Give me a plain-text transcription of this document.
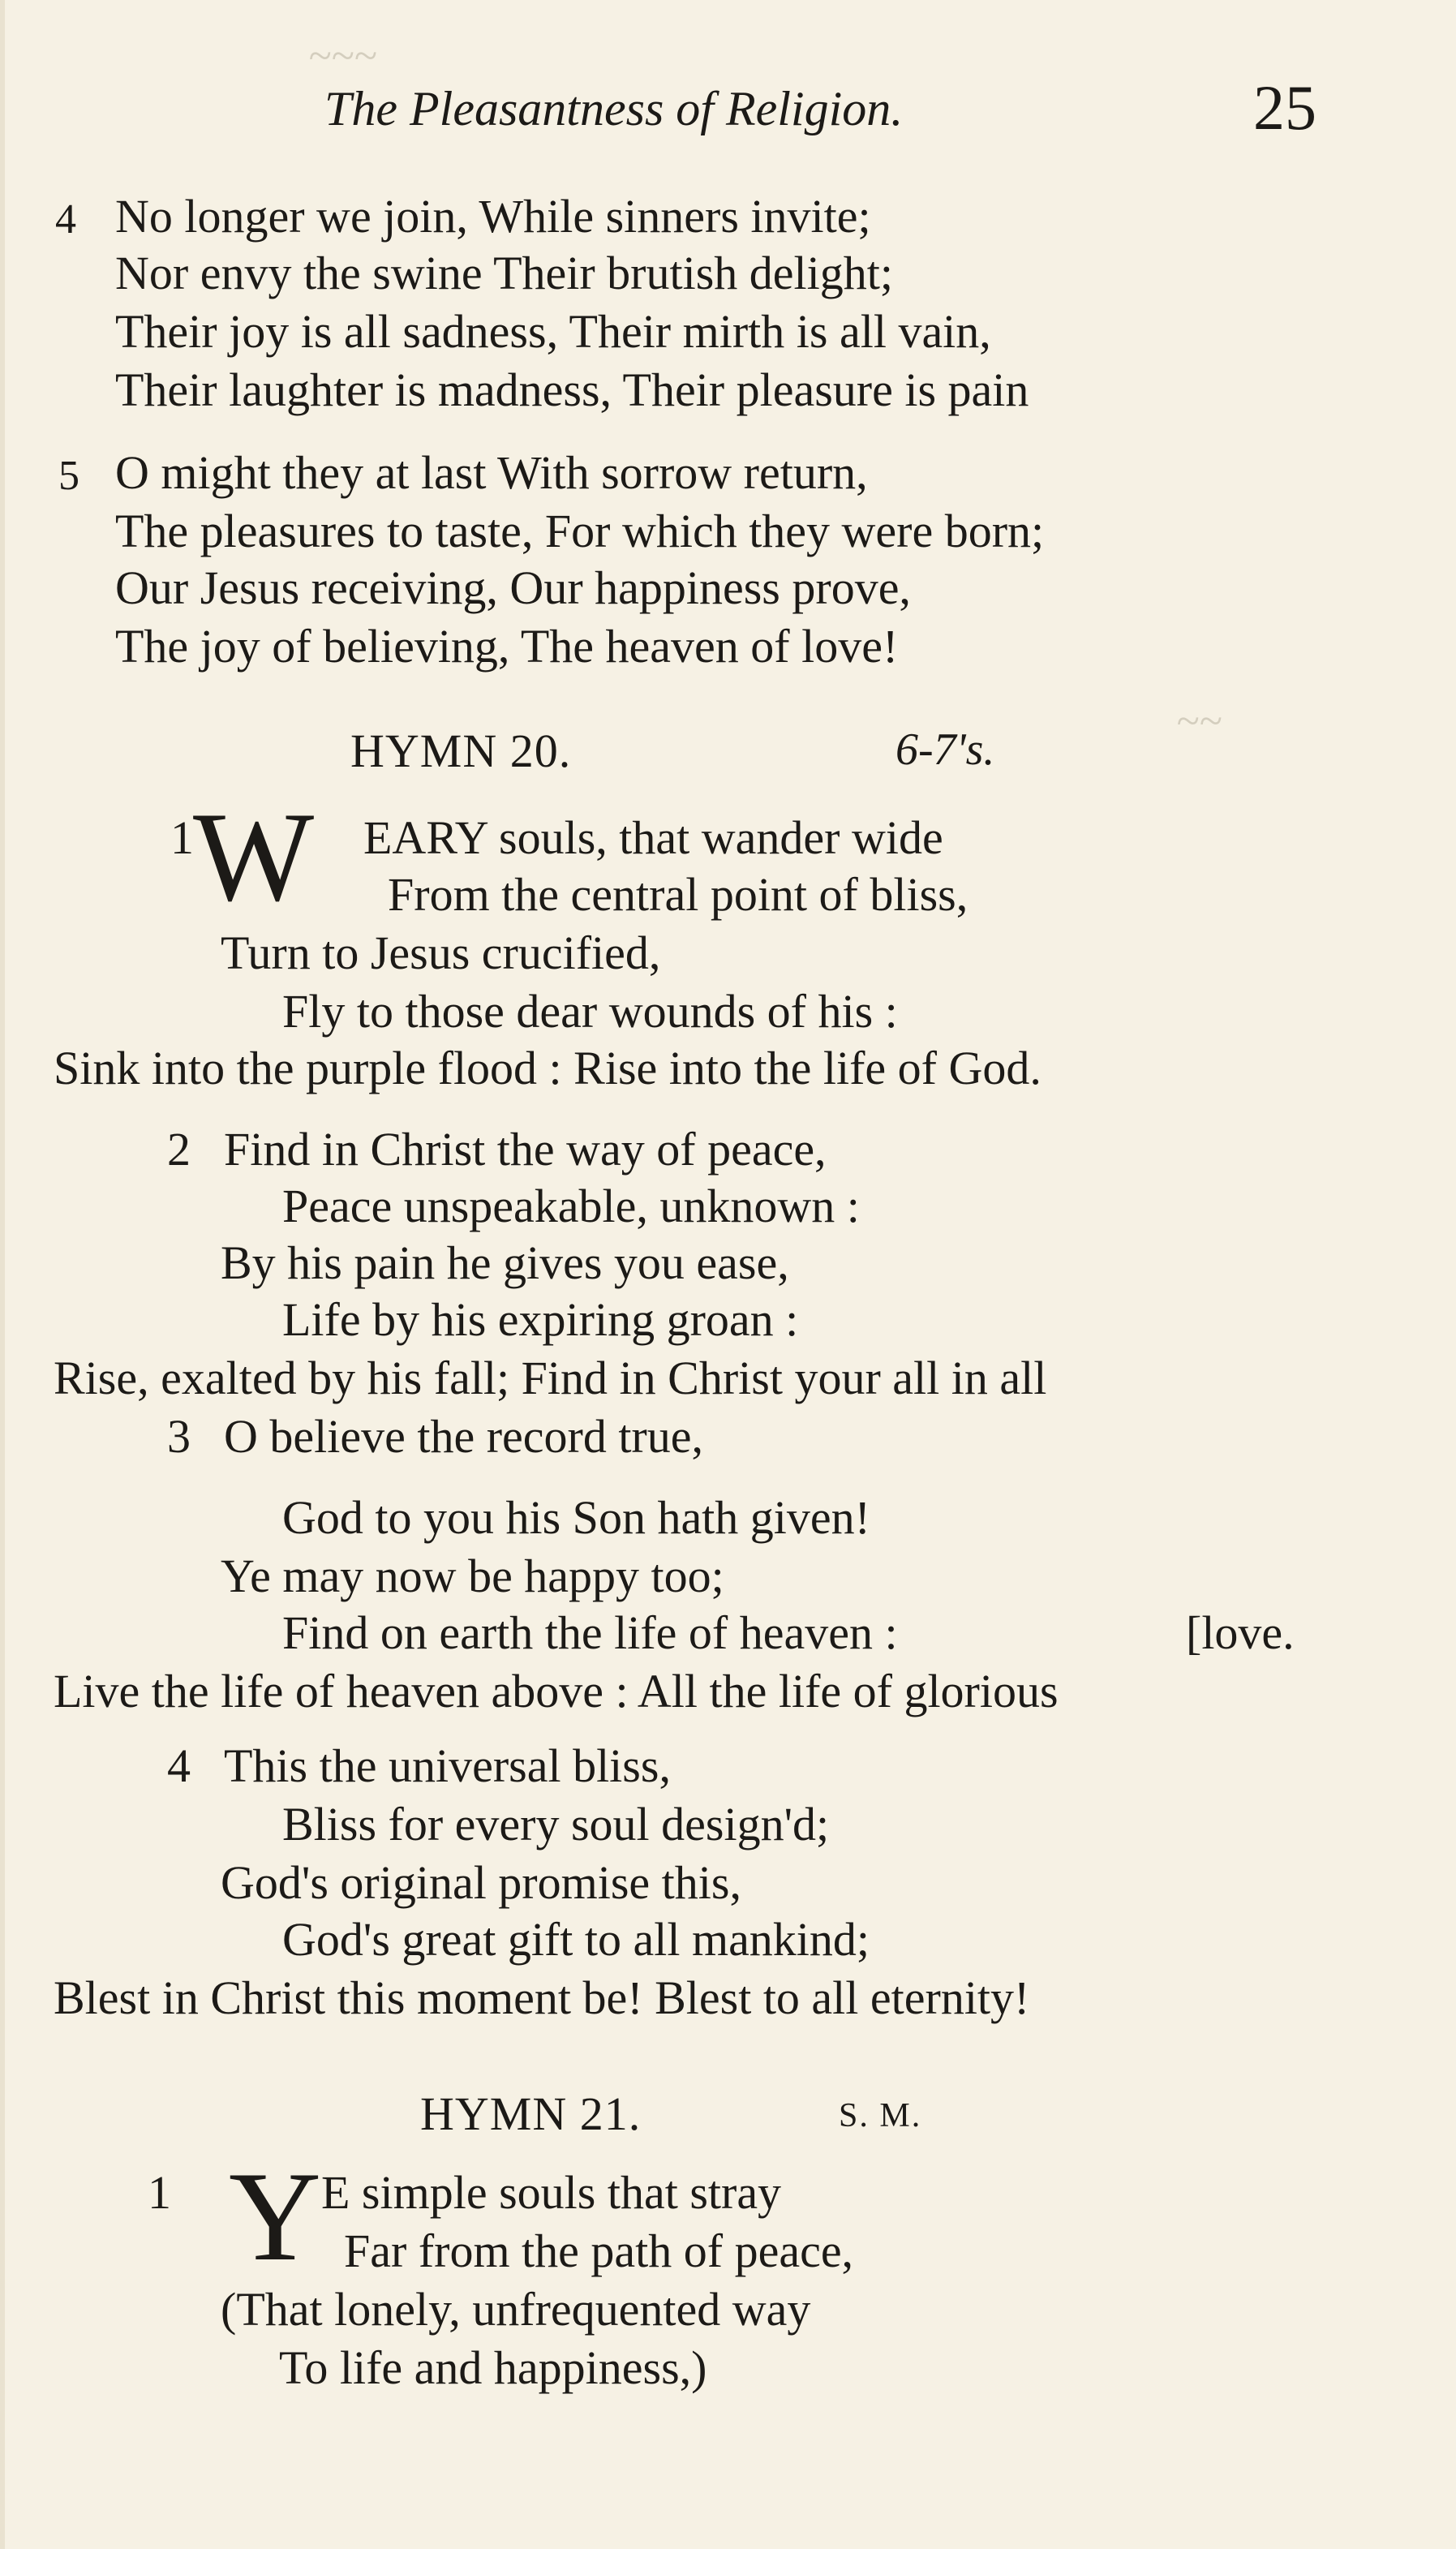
~~~
~~
The Pleasantness of Religion.	25
4 No longer we join, While sinners invite;
Nor envy the swine Their brutish delight;
Their joy is all sadness, Their mirth is all vain,
Their laughter is madness, Their pleasure is pain
5 O might they at last With sorrow return,
The pleasures to taste, For which they were born;
Our Jesus receiving, Our happiness prove,
The joy of believing, The heaven of love!
HYMN 20.	6-7's.
1 W EARY souls, that wander wide
From the central point of bliss,
Turn to Jesus crucified,
Fly to those dear wounds of his :
Sink into the purple flood : Rise into the life of God.
2 Find in Christ the way of peace,
Peace unspeakable, unknown :
By his pain he gives you ease,
Life by his expiring groan :
Rise, exalted by his fall; Find in Christ your all in all
3 O believe the record true,
God to you his Son hath given!
Ye may now be happy too;
Find on earth the life of heaven :	[love.
Live the life of heaven above : All the life of glorious
4 This the universal bliss,
Bliss for every soul design'd;
God's original promise this,
God's great gift to all mankind;
Blest in Christ this moment be! Blest to all eternity!
HYMN 21.	S. M.
1 Y E simple souls that stray
Far from the path of peace,
(That lonely, unfrequented way
To life and happiness,)
